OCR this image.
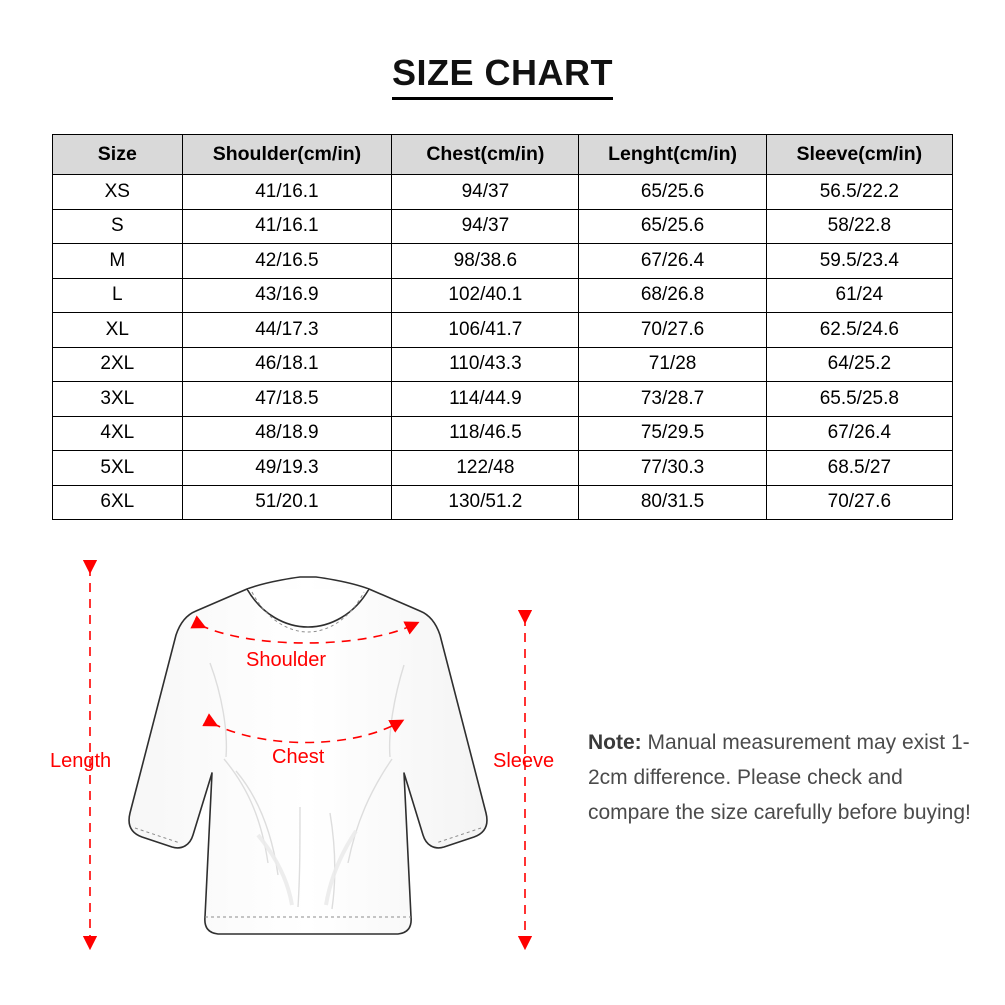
SIZE CHART
Size	Shoulder(cm/in)	Chest(cm/in)	Lenght(cm/in)	Sleeve(cm/in)
XS	41/16.1	94/37	65/25.6	56.5/22.2
S	41/16.1	94/37	65/25.6	58/22.8
M	42/16.5	98/38.6	67/26.4	59.5/23.4
L	43/16.9	102/40.1	68/26.8	61/24
XL	44/17.3	106/41.7	70/27.6	62.5/24.6
2XL	46/18.1	110/43.3	71/28	64/25.2
3XL	47/18.5	114/44.9	73/28.7	65.5/25.8
4XL	48/18.9	118/46.5	75/29.5	67/26.4
5XL	49/19.3	122/48	77/30.3	68.5/27
6XL	51/20.1	130/51.2	80/31.5	70/27.6
Shoulder
Chest
Length	Sleeve
Note: Manual measurement may exist 1-2cm difference. Please check and compare the size carefully before buying!
